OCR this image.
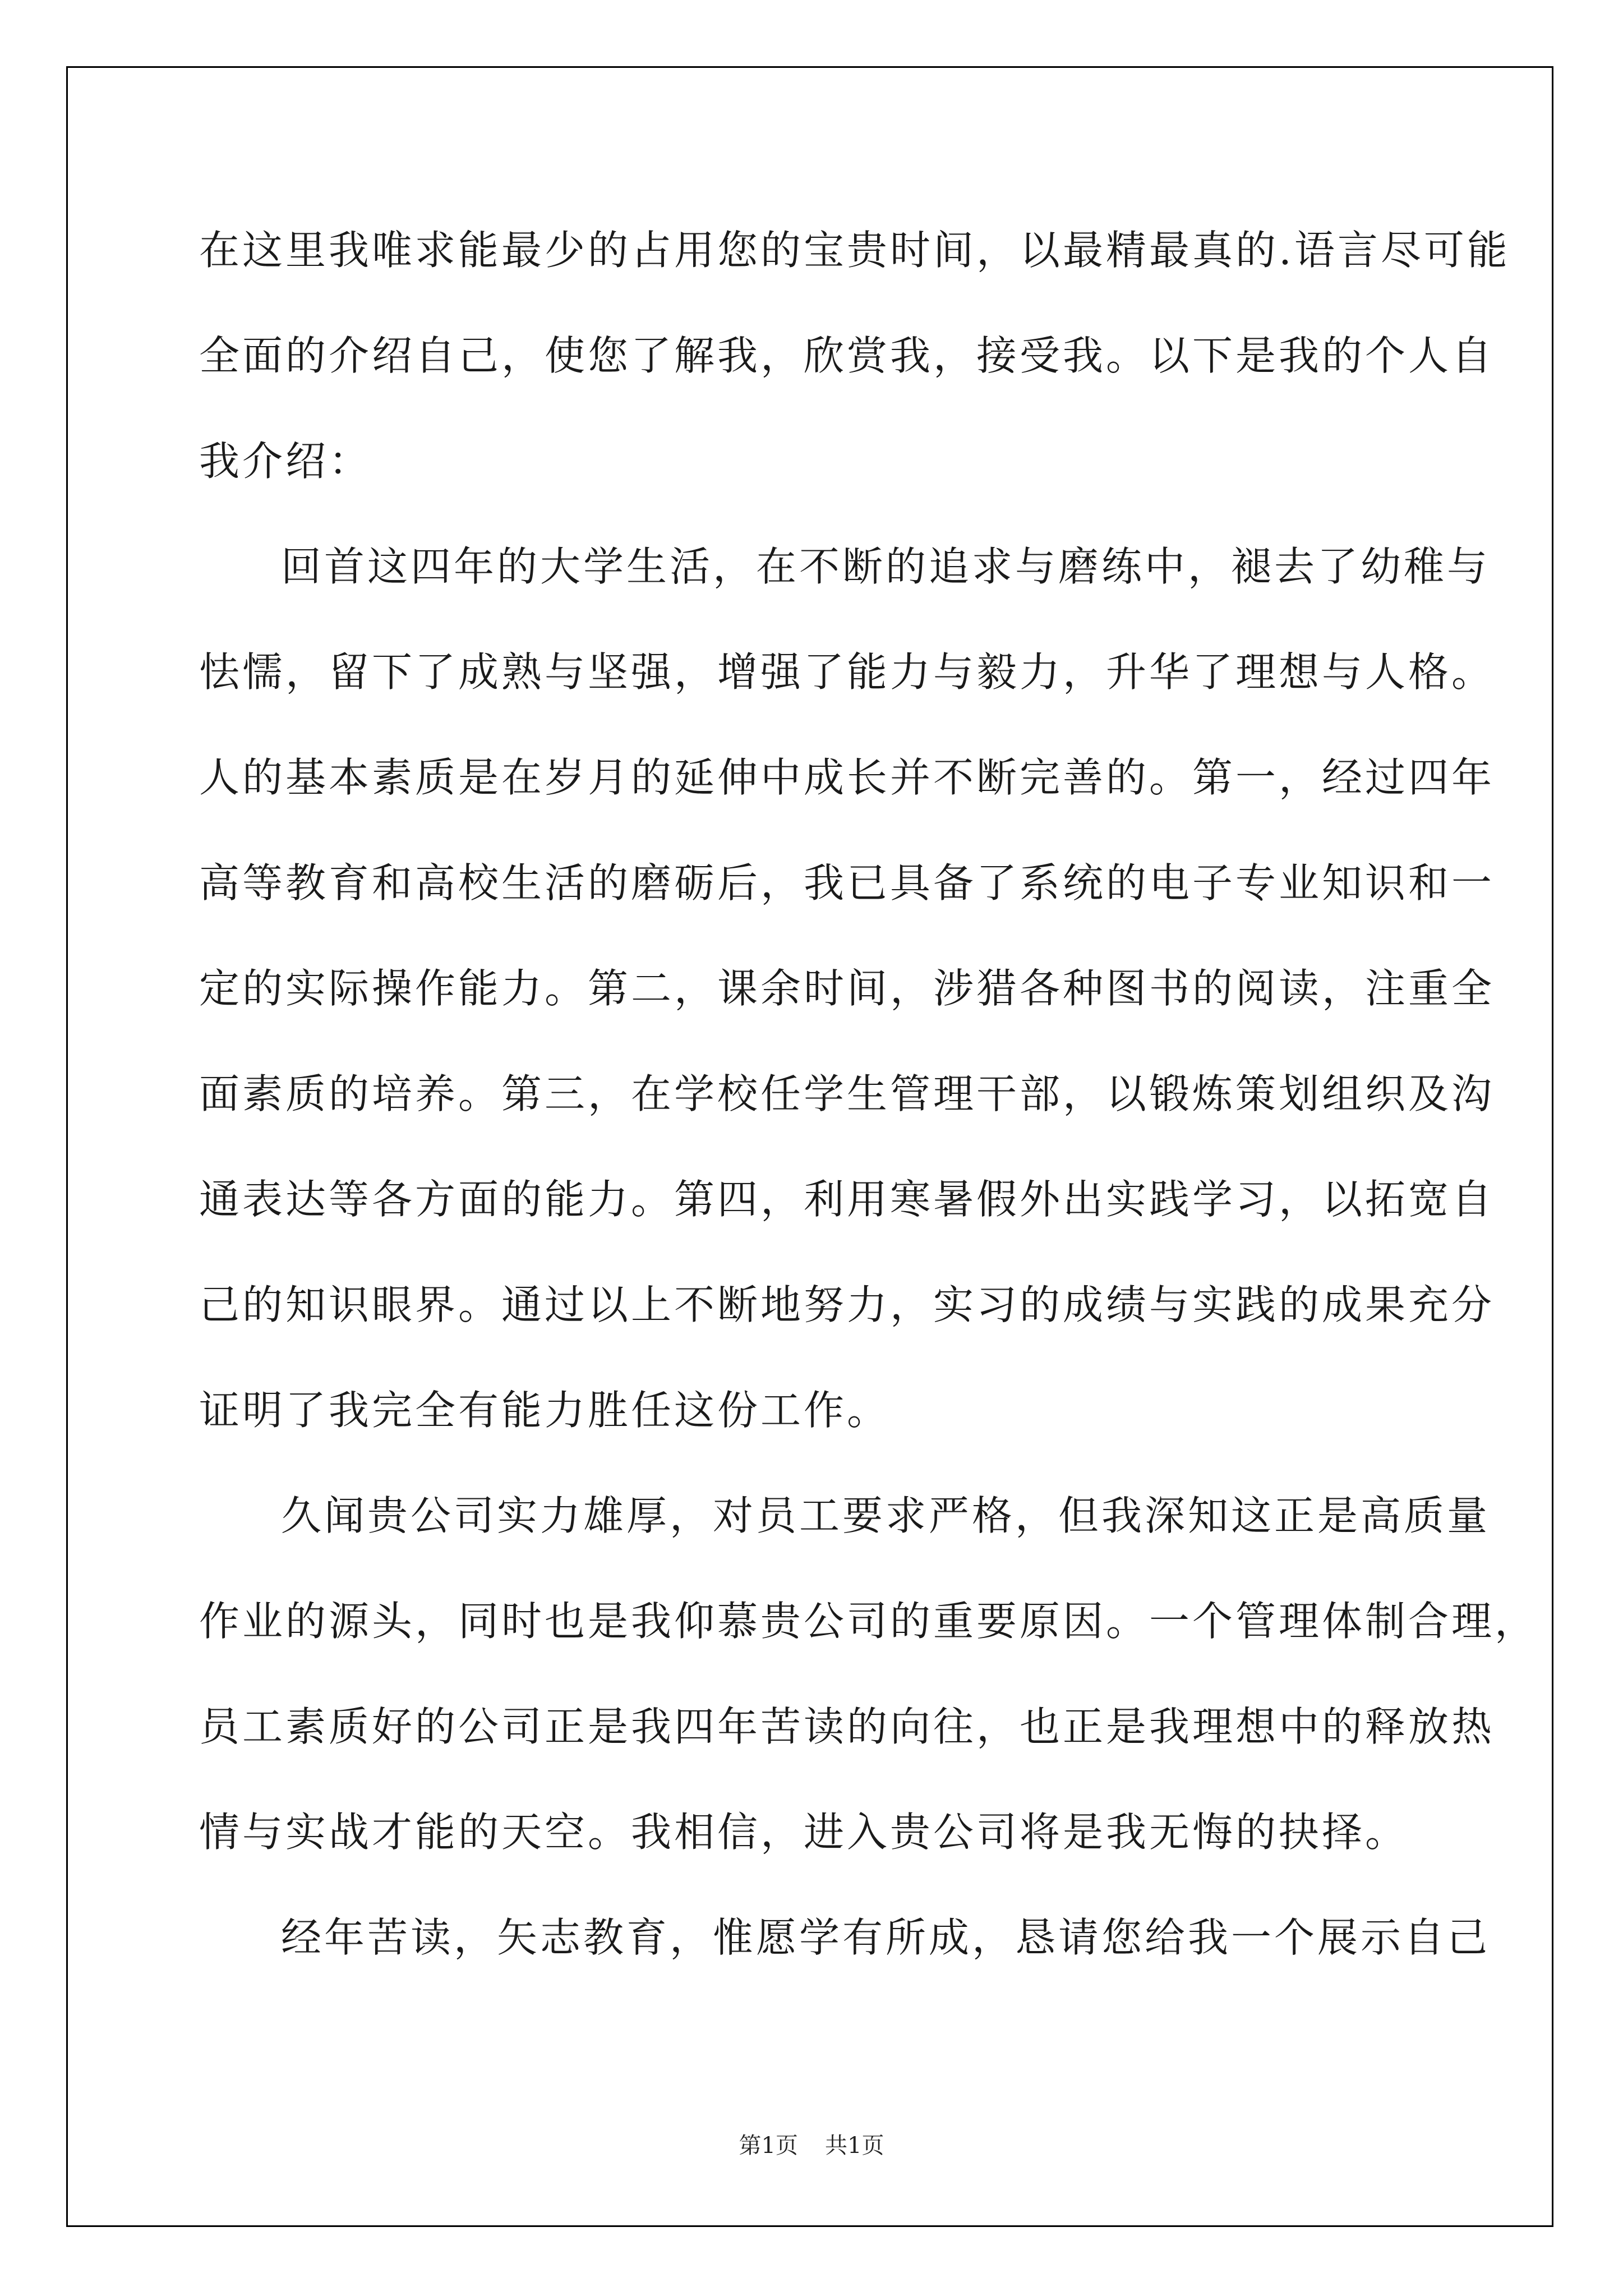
在这里我唯求能最少的占用您的宝贵时间，以最精最真的.语言尽可能
全面的介绍自己，使您了解我，欣赏我，接受我。以下是我的个人自
我介绍：
回首这四年的大学生活，在不断的追求与磨练中，褪去了幼稚与
怯懦，留下了成熟与坚强，增强了能力与毅力，升华了理想与人格。
人的基本素质是在岁月的延伸中成长并不断完善的。第一，经过四年
高等教育和高校生活的磨砺后，我已具备了系统的电子专业知识和一
定的实际操作能力。第二，课余时间，涉猎各种图书的阅读，注重全
面素质的培养。第三，在学校任学生管理干部，以锻炼策划组织及沟
通表达等各方面的能力。第四，利用寒暑假外出实践学习，以拓宽自
己的知识眼界。通过以上不断地努力，实习的成绩与实践的成果充分
证明了我完全有能力胜任这份工作。
久闻贵公司实力雄厚，对员工要求严格，但我深知这正是高质量
作业的源头，同时也是我仰慕贵公司的重要原因。一个管理体制合理，
员工素质好的公司正是我四年苦读的向往，也正是我理想中的释放热
情与实战才能的天空。我相信，进入贵公司将是我无悔的抉择。
经年苦读，矢志教育，惟愿学有所成，恳请您给我一个展示自己
第1页 共1页
